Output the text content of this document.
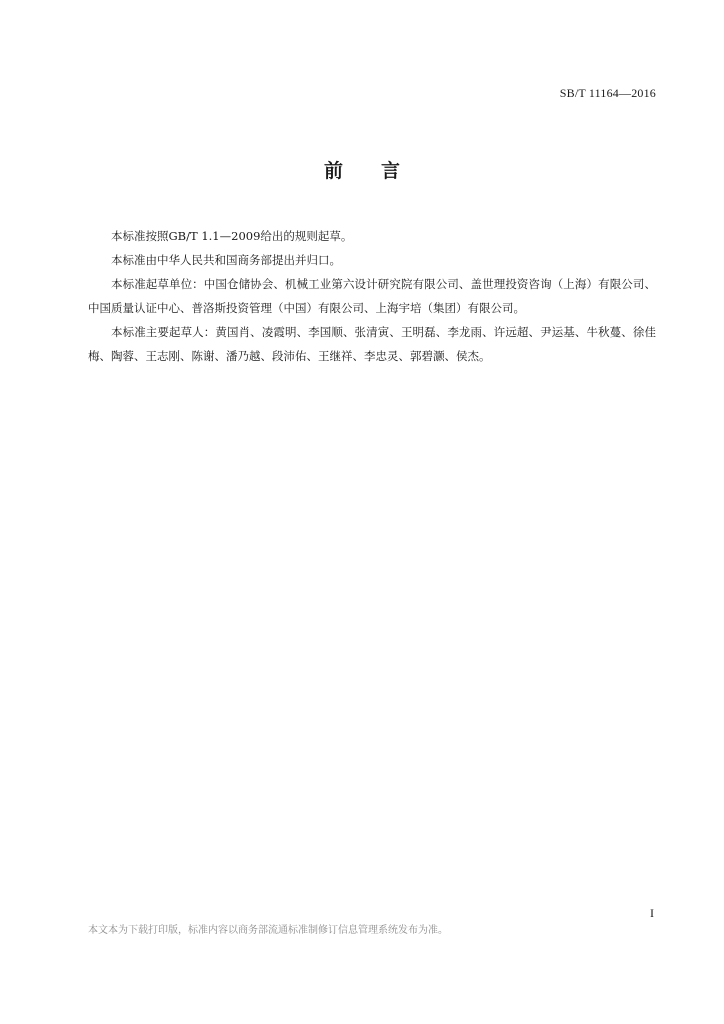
SB/T 11164—2016
前 言

本标准按照GB/T 1.1—2009给出的规则起草。

本标准由中华人民共和国商务部提出并归口。

本标准起草单位：中国仓储协会、机械工业第六设计研究院有限公司、盖世理投资咨询（上海）有限公司、中国质量认证中心、普洛斯投资管理（中国）有限公司、上海宇培（集团）有限公司。

本标准主要起草人：黄国肖、凌霞明、李国顺、张清寅、王明磊、李龙雨、许远超、尹运基、牛秋蔓、徐佳梅、陶蓉、王志刚、陈谢、潘乃越、段沛佑、王继祥、李忠灵、郭碧灏、侯杰。

I
本文本为下载打印版，标准内容以商务部流通标准制修订信息管理系统发布为准。
